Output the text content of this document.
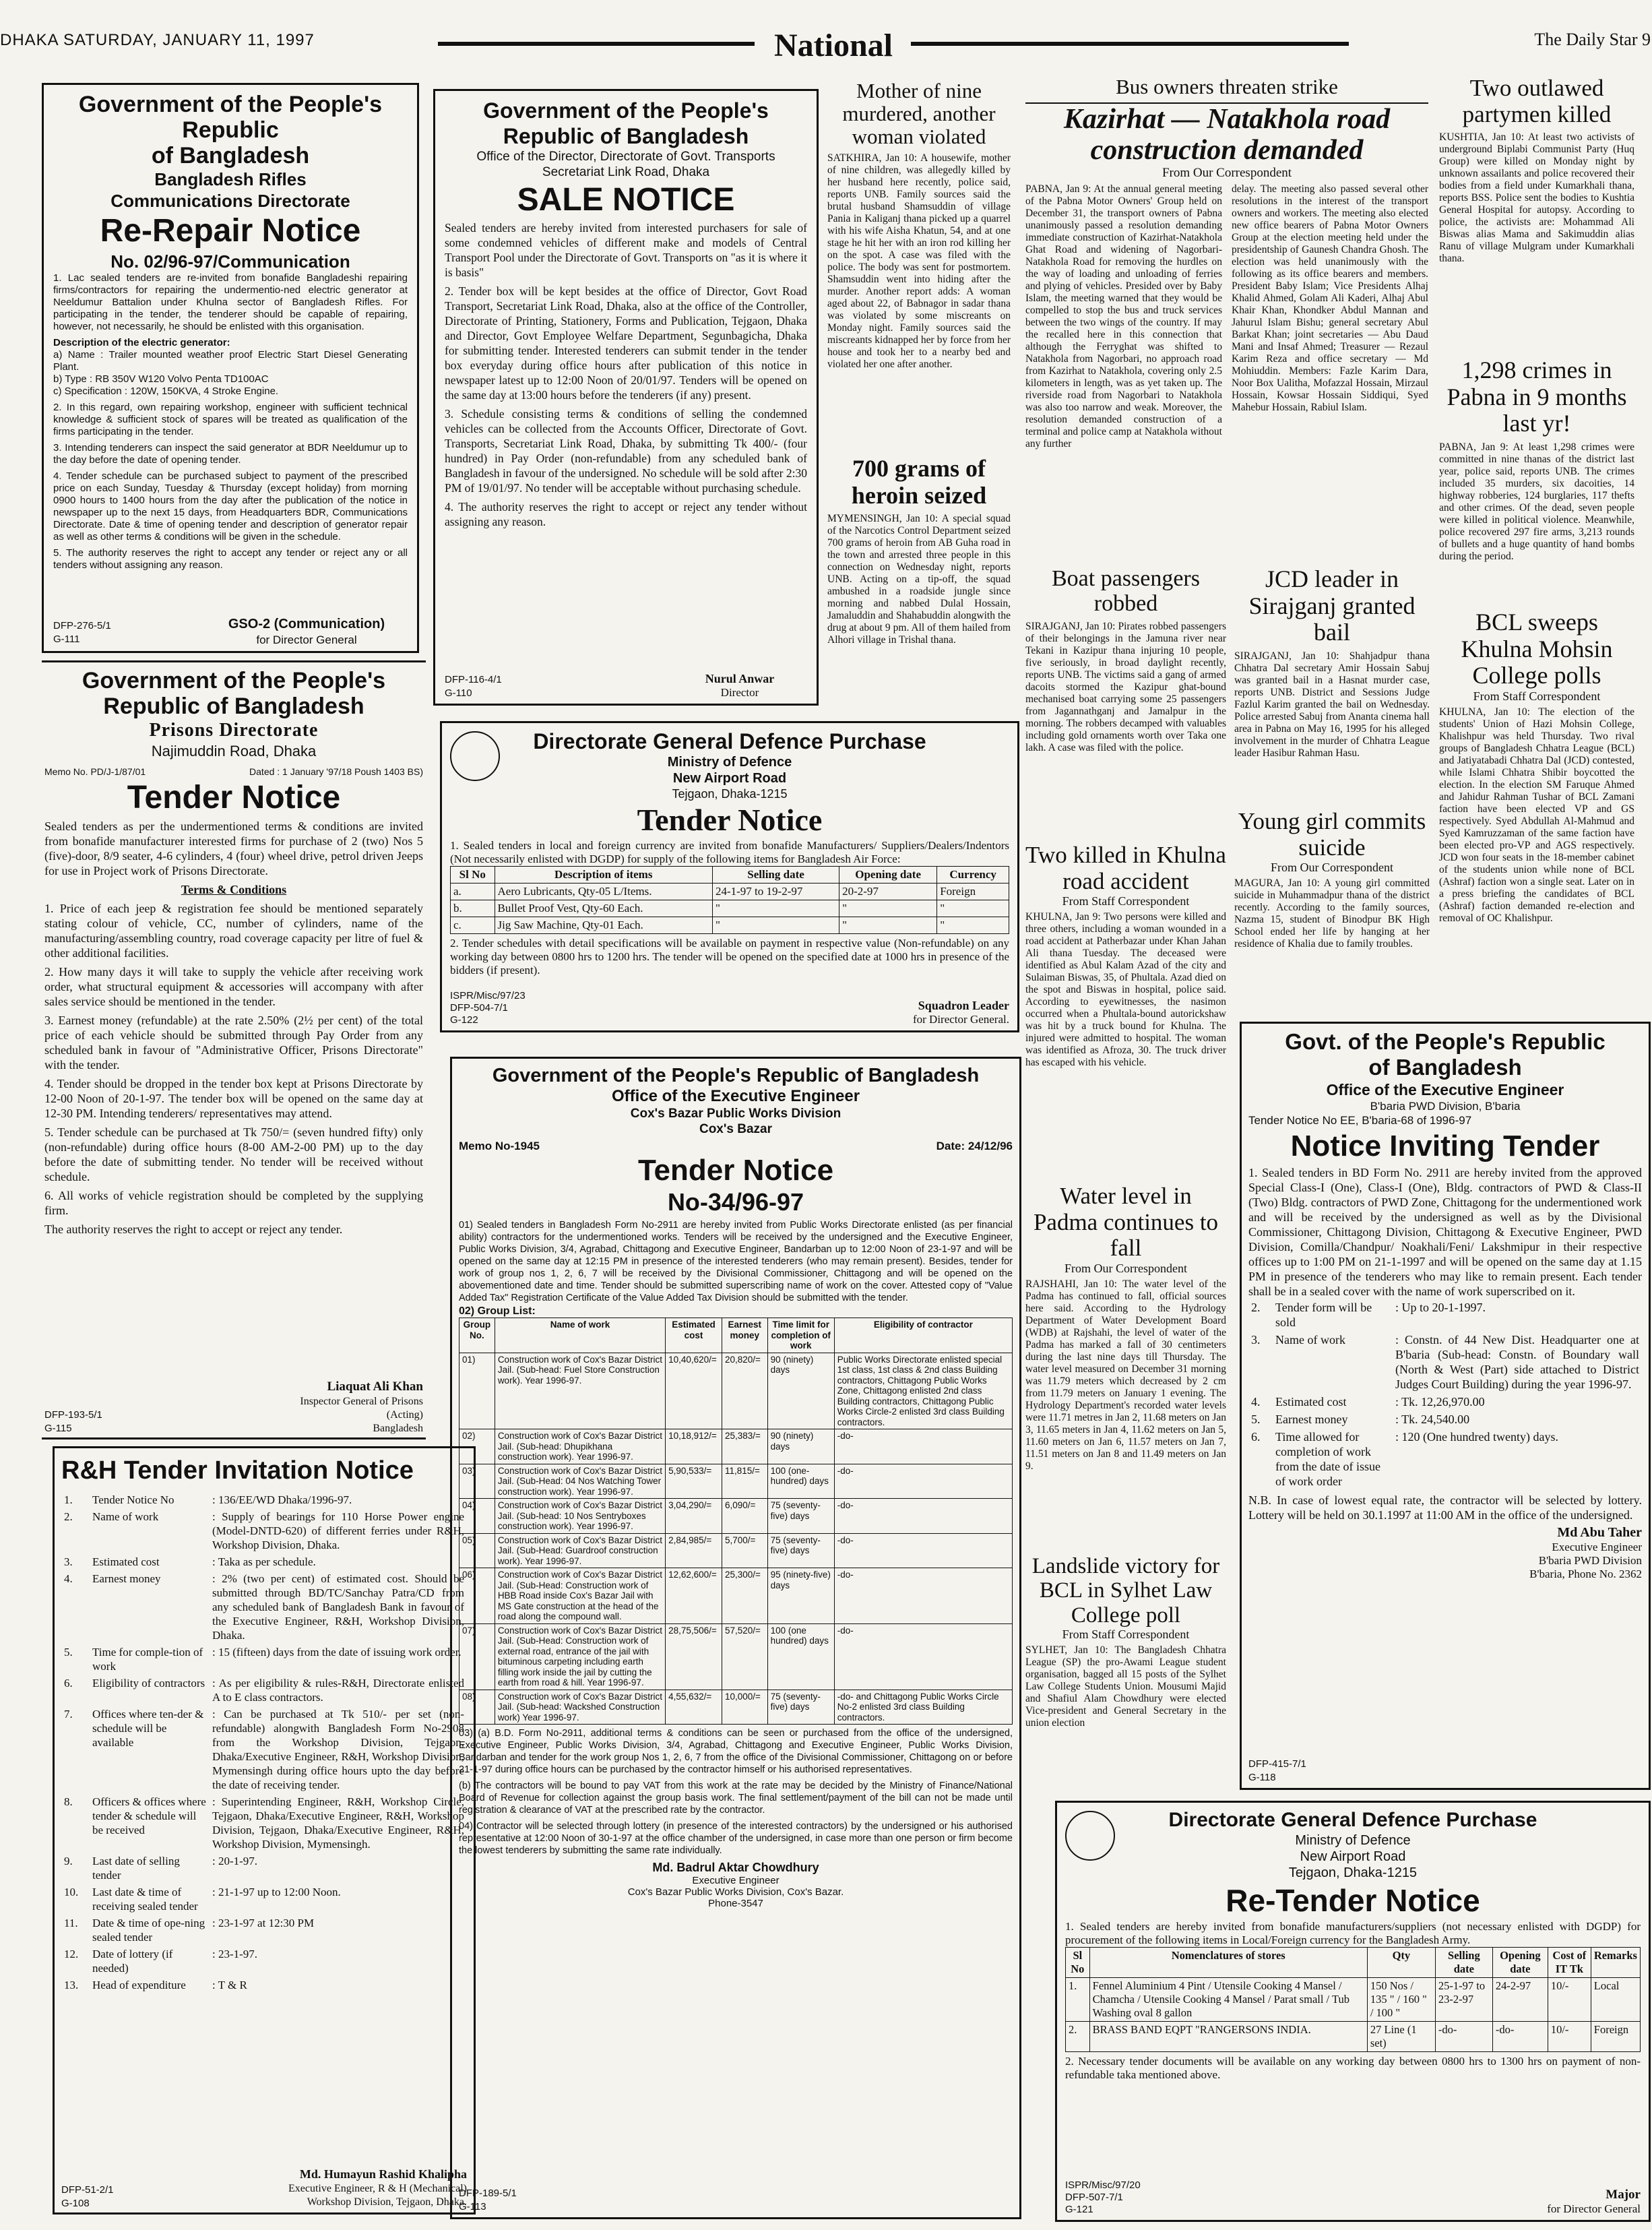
DHAKA SATURDAY, JANUARY 11, 1997	National	The Daily Star 9
Government of the People's Republic
of Bangladesh
Bangladesh Rifles
Communications Directorate
Re-Repair Notice
No. 02/96-97/Communication

1. Lac sealed tenders are re-invited from bonafide Bangladeshi repairing firms/contractors for repairing the undermentio-ned electric generator at Neeldumur Battalion under Khulna sector of Bangladesh Rifles. For participating in the tender, the tenderer should be capable of repairing, however, not necessarily, he should be enlisted with this organisation.

Description of the electric generator:

a) Name : Trailer mounted weather proof Electric Start Diesel Generating Plant.

b) Type : RB 350V W120 Volvo Penta TD100AC

c) Specification : 120W, 150KVA, 4 Stroke Engine.

2. In this regard, own repairing workshop, engineer with sufficient technical knowledge & sufficient stock of spares will be treated as qualification of the firms participating in the tender.

3. Intending tenderers can inspect the said generator at BDR Neeldumur up to the day before the date of opening tender.

4. Tender schedule can be purchased subject to payment of the prescribed price on each Sunday, Tuesday & Thursday (except holiday) from morning 0900 hours to 1400 hours from the day after the publication of the notice in newspaper up to the next 15 days, from Headquarters BDR, Communications Directorate. Date & time of opening tender and description of generator repair as well as other terms & conditions will be given in the schedule.

5. The authority reserves the right to accept any tender or reject any or all tenders without assigning any reason.

DFP-276-5/1
G-111
GSO-2 (Communication)
for Director General
Government of the People's
Republic of Bangladesh
Prisons Directorate
Najimuddin Road, Dhaka
Memo No. PD/J-1/87/01	Dated : 1 January '97/18 Poush 1403 BS)
Tender Notice

Sealed tenders as per the undermentioned terms & conditions are invited from bonafide manufacturer interested firms for purchase of 2 (two) Nos 5 (five)-door, 8/9 seater, 4-6 cylinders, 4 (four) wheel drive, petrol driven Jeeps for use in Project work of Prisons Directorate.

Terms & Conditions

1. Price of each jeep & registration fee should be mentioned separately stating colour of vehicle, CC, number of cylinders, name of the manufacturing/assembling country, road coverage capacity per litre of fuel & other additional facilities.

2. How many days it will take to supply the vehicle after receiving work order, what structural equipment & accessories will accompany with after sales service should be mentioned in the tender.

3. Earnest money (refundable) at the rate 2.50% (2½ per cent) of the total price of each vehicle should be submitted through Pay Order from any scheduled bank in favour of "Administrative Officer, Prisons Directorate" with the tender.

4. Tender should be dropped in the tender box kept at Prisons Directorate by 12-00 Noon of 20-1-97. The tender box will be opened on the same day at 12-30 PM. Intending tenderers/ representatives may attend.

5. Tender schedule can be purchased at Tk 750/= (seven hundred fifty) only (non-refundable) during office hours (8-00 AM-2-00 PM) up to the day before the date of submitting tender. No tender will be received without schedule.

6. All works of vehicle registration should be completed by the supplying firm.

The authority reserves the right to accept or reject any tender.

Liaquat Ali Khan
Inspector General of Prisons
(Acting)
Bangladesh
DFP-193-5/1
G-115
R&H Tender Invitation Notice
1.	Tender Notice No	: 136/EE/WD Dhaka/1996-97.
2.	Name of work	: Supply of bearings for 110 Horse Power engine (Model-DNTD-620) of different ferries under R&H, Workshop Division, Dhaka.
3.	Estimated cost	: Taka as per schedule.
4.	Earnest money	: 2% (two per cent) of estimated cost. Should be submitted through BD/TC/Sanchay Patra/CD from any scheduled bank of Bangladesh Bank in favour of the Executive Engineer, R&H, Workshop Division, Dhaka.
5.	Time for comple-tion of work	: 15 (fifteen) days from the date of issuing work order.
6.	Eligibility of contractors	: As per eligibility & rules-R&H, Directorate enlisted A to E class contractors.
7.	Offices where ten-der & schedule will be available	: Can be purchased at Tk 510/- per set (non-refundable) alongwith Bangladesh Form No-2908 from the Workshop Division, Tejgaon, Dhaka/Executive Engineer, R&H, Workshop Division, Mymensingh during office hours upto the day before the date of receiving tender.
8.	Officers & offices where tender & schedule will be received	: Superintending Engineer, R&H, Workshop Circle, Tejgaon, Dhaka/Executive Engineer, R&H, Workshop Division, Tejgaon, Dhaka/Executive Engineer, R&H, Workshop Division, Mymensingh.
9.	Last date of selling tender	: 20-1-97.
10.	Last date & time of receiving sealed tender	: 21-1-97 up to 12:00 Noon.
11.	Date & time of ope-ning sealed tender	: 23-1-97 at 12:30 PM
12.	Date of lottery (if needed)	: 23-1-97.
13.	Head of expenditure	: T & R
Md. Humayun Rashid Khalipha
Executive Engineer, R & H (Mechanical)
Workshop Division, Tejgaon, Dhaka.
DFP-51-2/1
G-108
Government of the People's
Republic of Bangladesh
Office of the Director, Directorate of Govt. Transports
Secretariat Link Road, Dhaka
SALE NOTICE

Sealed tenders are hereby invited from interested purchasers for sale of some condemned vehicles of different make and models of Central Transport Pool under the Directorate of Govt. Transports on "as it is where it is basis"

2. Tender box will be kept besides at the office of Director, Govt Road Transport, Secretariat Link Road, Dhaka, also at the office of the Controller, Directorate of Printing, Stationery, Forms and Publication, Tejgaon, Dhaka and Director, Govt Employee Welfare Department, Segunbagicha, Dhaka for submitting tender. Interested tenderers can submit tender in the tender box everyday during office hours after publication of this notice in newspaper latest up to 12:00 Noon of 20/01/97. Tenders will be opened on the same day at 13:00 hours before the tenderers (if any) present.

3. Schedule consisting terms & conditions of selling the condemned vehicles can be collected from the Accounts Officer, Directorate of Govt. Transports, Secretariat Link Road, Dhaka, by submitting Tk 400/- (four hundred) in Pay Order (non-refundable) from any scheduled bank of Bangladesh in favour of the undersigned. No schedule will be sold after 2:30 PM of 19/01/97. No tender will be acceptable without purchasing schedule.

4. The authority reserves the right to accept or reject any tender without assigning any reason.

DFP-116-4/1
G-110
Nurul Anwar
Director
Mother of nine murdered, another woman violated
SATKHIRA, Jan 10: A housewife, mother of nine children, was allegedly killed by her husband here recently, police said, reports UNB. Family sources said the brutal husband Shamsuddin of village Pania in Kaliganj thana picked up a quarrel with his wife Aisha Khatun, 54, and at one stage he hit her with an iron rod killing her on the spot. A case was filed with the police. The body was sent for postmortem. Shamsuddin went into hiding after the murder. Another report adds: A woman aged about 22, of Babnagor in sadar thana was violated by some miscreants on Monday night. Family sources said the miscreants kidnapped her by force from her house and took her to a nearby bed and violated her one after another.
700 grams of heroin seized
MYMENSINGH, Jan 10: A special squad of the Narcotics Control Department seized 700 grams of heroin from AB Guha road in the town and arrested three people in this connection on Wednesday night, reports UNB. Acting on a tip-off, the squad ambushed in a roadside jungle since morning and nabbed Dulal Hossain, Jamaluddin and Shahabuddin alongwith the drug at about 9 pm. All of them hailed from Alhori village in Trishal thana.
Bus owners threaten strike
Kazirhat — Natakhola road construction demanded
From Our Correspondent
PABNA, Jan 9: At the annual general meeting of the Pabna Motor Owners' Group held on December 31, the transport owners of Pabna unanimously passed a resolution demanding immediate construction of Kazirhat-Natakhola Ghat Road and widening of Nagorbari-Natakhola Road for removing the hurdles on the way of loading and unloading of ferries and plying of vehicles. Presided over by Baby Islam, the meeting warned that they would be compelled to stop the bus and truck services between the two wings of the country. If may the recalled here in this connection that although the Ferryghat was shifted to Natakhola from Nagorbari, no approach road from Kazirhat to Natakhola, covering only 2.5 kilometers in length, was as yet taken up. The riverside road from Nagorbari to Natakhola was also too narrow and weak. Moreover, the resolution demanded construction of a terminal and police camp at Natakhola without any further
delay. The meeting also passed several other resolutions in the interest of the transport owners and workers. The meeting also elected new office bearers of Pabna Motor Owners Group at the election meeting held under the presidentship of Gaunesh Chandra Ghosh. The election was held unanimously with the following as its office bearers and members. President Baby Islam; Vice Presidents Alhaj Khalid Ahmed, Golam Ali Kaderi, Alhaj Abul Khair Khan, Khondker Abdul Mannan and Jahurul Islam Bishu; general secretary Abul Barkat Khan; joint secretaries — Abu Daud Mani and Insaf Ahmed; Treasurer — Rezaul Karim Reza and office secretary — Md Mohiuddin. Members: Fazle Karim Dara, Noor Box Ualitha, Mofazzal Hossain, Mirzaul Hossain, Kowsar Hossain Siddiqui, Syed Mahebur Hossain, Rabiul Islam.
Two outlawed partymen killed
KUSHTIA, Jan 10: At least two activists of underground Biplabi Communist Party (Huq Group) were killed on Monday night by unknown assailants and police recovered their bodies from a field under Kumarkhali thana, reports BSS. Police sent the bodies to Kushtia General Hospital for autopsy. According to police, the activists are: Mohammad Ali Biswas alias Mama and Sakimuddin alias Ranu of village Mulgram under Kumarkhali thana.
1,298 crimes in Pabna in 9 months last yr!
PABNA, Jan 9: At least 1,298 crimes were committed in nine thanas of the district last year, police said, reports UNB. The crimes included 35 murders, six dacoities, 14 highway robberies, 124 burglaries, 117 thefts and other crimes. Of the dead, seven people were killed in political violence. Meanwhile, police recovered 297 fire arms, 3,213 rounds of bullets and a huge quantity of hand bombs during the period.
BCL sweeps Khulna Mohsin College polls
From Staff Correspondent
KHULNA, Jan 10: The election of the students' Union of Hazi Mohsin College, Khalishpur was held Thursday. Two rival groups of Bangladesh Chhatra League (BCL) and Jatiyatabadi Chhatra Dal (JCD) contested, while Islami Chhatra Shibir boycotted the election. In the election SM Faruque Ahmed and Jahidur Rahman Tushar of BCL Zamani faction have been elected VP and GS respectively. Syed Abdullah Al-Mahmud and Syed Kamruzzaman of the same faction have been elected pro-VP and AGS respectively. JCD won four seats in the 18-member cabinet of the students union while none of BCL (Ashraf) faction won a single seat. Later on in a press briefing the candidates of BCL (Ashraf) faction demanded re-election and removal of OC Khalishpur.
Boat passengers robbed
SIRAJGANJ, Jan 10: Pirates robbed passengers of their belongings in the Jamuna river near Tekani in Kazipur thana injuring 10 people, five seriously, in broad daylight recently, reports UNB. The victims said a gang of armed dacoits stormed the Kazipur ghat-bound mechanised boat carrying some 25 passengers from Jagannathganj and Jamalpur in the morning. The robbers decamped with valuables including gold ornaments worth over Taka one lakh. A case was filed with the police.
JCD leader in Sirajganj granted bail
SIRAJGANJ, Jan 10: Shahjadpur thana Chhatra Dal secretary Amir Hossain Sabuj was granted bail in a Hasnat murder case, reports UNB. District and Sessions Judge Fazlul Karim granted the bail on Wednesday. Police arrested Sabuj from Ananta cinema hall area in Pabna on May 16, 1995 for his alleged involvement in the murder of Chhatra League leader Hasibur Rahman Hasu.
Two killed in Khulna road accident
From Staff Correspondent
KHULNA, Jan 9: Two persons were killed and three others, including a woman wounded in a road accident at Patherbazar under Khan Jahan Ali thana Tuesday. The deceased were identified as Abul Kalam Azad of the city and Sulaiman Biswas, 35, of Phultala. Azad died on the spot and Biswas in hospital, police said. According to eyewitnesses, the nasimon occurred when a Phultala-bound autorickshaw was hit by a truck bound for Khulna. The injured were admitted to hospital. The woman was identified as Afroza, 30. The truck driver has escaped with his vehicle.
Young girl commits suicide
From Our Correspondent
MAGURA, Jan 10: A young girl committed suicide in Muhammadpur thana of the district recently. According to the family sources, Nazma 15, student of Binodpur BK High School ended her life by hanging at her residence of Khalia due to family troubles.
Water level in Padma continues to fall
From Our Correspondent
RAJSHAHI, Jan 10: The water level of the Padma has continued to fall, official sources here said. According to the Hydrology Department of Water Development Board (WDB) at Rajshahi, the level of water of the Padma has marked a fall of 30 centimeters during the last nine days till Thursday. The water level measured on December 31 morning was 11.79 meters which decreased by 2 cm from 11.79 meters on January 1 evening. The Hydrology Department's recorded water levels were 11.71 metres in Jan 2, 11.68 meters on Jan 3, 11.65 meters in Jan 4, 11.62 meters on Jan 5, 11.60 meters on Jan 6, 11.57 meters on Jan 7, 11.51 meters on Jan 8 and 11.49 meters on Jan 9.
Landslide victory for BCL in Sylhet Law College poll
From Staff Correspondent
SYLHET, Jan 10: The Bangladesh Chhatra League (SP) the pro-Awami League student organisation, bagged all 15 posts of the Sylhet Law College Students Union. Mousumi Majid and Shafiul Alam Chowdhury were elected Vice-president and General Secretary in the union election
Directorate General Defence Purchase
Ministry of Defence
New Airport Road
Tejgaon, Dhaka-1215
Tender Notice
1. Sealed tenders in local and foreign currency are invited from bonafide Manufacturers/ Suppliers/Dealers/Indentors (Not necessarily enlisted with DGDP) for supply of the following items for Bangladesh Air Force:
Sl No	Description of items	Selling date	Opening date	Currency
a.	Aero Lubricants, Qty-05 L/Items.	24-1-97 to 19-2-97	20-2-97	Foreign
b.	Bullet Proof Vest, Qty-60 Each.	"	"	"
c.	Jig Saw Machine, Qty-01 Each.	"	"	"
2. Tender schedules with detail specifications will be available on payment in respective value (Non-refundable) on any working day between 0800 hrs to 1200 hrs. The tender will be opened on the specified date at 1000 hrs in presence of the bidders (if present).
ISPR/Misc/97/23
DFP-504-7/1
G-122
Squadron Leader
for Director General.
Government of the People's Republic of Bangladesh
Office of the Executive Engineer
Cox's Bazar Public Works Division
Cox's Bazar
Memo No-1945	Date: 24/12/96
Tender Notice
No-34/96-97
01) Sealed tenders in Bangladesh Form No-2911 are hereby invited from Public Works Directorate enlisted (as per financial ability) contractors for the undermentioned works. Tenders will be received by the undersigned and the Executive Engineer, Public Works Division, 3/4, Agrabad, Chittagong and Executive Engineer, Bandarban up to 12:00 Noon of 23-1-97 and will be opened on the same day at 12:15 PM in presence of the interested tenderers (who may remain present). Besides, tender for work of group nos 1, 2, 6, 7 will be received by the Divisional Commissioner, Chittagong and will be opened on the abovementioned date and time. Tender should be submitted superscribing name of work on the cover. Attested copy of "Value Added Tax" Registration Certificate of the Value Added Tax Division should be submitted with the tender.
02) Group List:
Group No.	Name of work	Estimated cost	Earnest money	Time limit for completion of work	Eligibility of contractor
01)	Construction work of Cox's Bazar District Jail. (Sub-head: Fuel Store Construction work). Year 1996-97.	10,40,620/=	20,820/=	90 (ninety) days	Public Works Directorate enlisted special 1st class, 1st class & 2nd class Building contractors, Chittagong Public Works Zone, Chittagong enlisted 2nd class Building contractors, Chittagong Public Works Circle-2 enlisted 3rd class Building contractors.
02)	Construction work of Cox's Bazar District Jail. (Sub-head: Dhupikhana construction work). Year 1996-97.	10,18,912/=	25,383/=	90 (ninety) days	-do-
03)	Construction work of Cox's Bazar District Jail. (Sub-Head: 04 Nos Watching Tower construction work). Year 1996-97.	5,90,533/=	11,815/=	100 (one-hundred) days	-do-
04)	Construction work of Cox's Bazar District Jail. (Sub-head: 10 Nos Sentryboxes construction work). Year 1996-97.	3,04,290/=	6,090/=	75 (seventy-five) days	-do-
05)	Construction work of Cox's Bazar District Jail. (Sub-Head: Guardroof construction work). Year 1996-97.	2,84,985/=	5,700/=	75 (seventy-five) days	-do-
06)	Construction work of Cox's Bazar District Jail. (Sub-Head: Construction work of HBB Road inside Cox's Bazar Jail with MS Gate construction at the head of the road along the compound wall.	12,62,600/=	25,300/=	95 (ninety-five) days	-do-
07)	Construction work of Cox's Bazar District Jail. (Sub-Head: Construction work of external road, entrance of the jail with bituminous carpeting including earth filling work inside the jail by cutting the earth from road & hill. Year 1996-97.	28,75,506/=	57,520/=	100 (one hundred) days	-do-
08)	Construction work of Cox's Bazar District Jail. (Sub-head: Wackshed Construction work) Year 1996-97.	4,55,632/=	10,000/=	75 (seventy-five) days	-do- and Chittagong Public Works Circle No-2 enlisted 3rd class Building contractors.

03) (a) B.D. Form No-2911, additional terms & conditions can be seen or purchased from the office of the undersigned, Executive Engineer, Public Works Division, 3/4, Agrabad, Chittagong and Executive Engineer, Public Works Division, Bandarban and tender for the work group Nos 1, 2, 6, 7 from the office of the Divisional Commissioner, Chittagong on or before 21-1-97 during office hours can be purchased by the contractor himself or his authorised representatives.

(b) The contractors will be bound to pay VAT from this work at the rate may be decided by the Ministry of Finance/National Board of Revenue for collection against the group basis work. The final settlement/payment of the bill can not be made until registration & clearance of VAT at the prescribed rate by the contractor.

04) Contractor will be selected through lottery (in presence of the interested contractors) by the undersigned or his authorised representative at 12:00 Noon of 30-1-97 at the office chamber of the undersigned, in case more than one person or firm become the lowest tenderers by submitting the same rate individually.

Md. Badrul Aktar Chowdhury
Executive Engineer
Cox's Bazar Public Works Division, Cox's Bazar.
Phone-3547
DFP-189-5/1
G-113
Govt. of the People's Republic
of Bangladesh
Office of the Executive Engineer
B'baria PWD Division, B'baria
Tender Notice No EE, B'baria-68 of 1996-97
Notice Inviting Tender
1. Sealed tenders in BD Form No. 2911 are hereby invited from the approved Special Class-I (One), Class-I (One), Bldg. contractors of PWD & Class-II (Two) Bldg. contractors of PWD Zone, Chittagong for the undermentioned work and will be received by the undersigned as well as by the Divisional Commissioner, Chittagong Division, Chittagong & Executive Engineer, PWD Division, Comilla/Chandpur/ Noakhali/Feni/ Lakshmipur in their respective offices up to 1:00 PM on 21-1-1997 and will be opened on the same day at 1.15 PM in presence of the tenderers who may like to remain present. Each tender shall be in a sealed cover with the name of work superscribed on it.
2.	Tender form will be sold	: Up to 20-1-1997.
3.	Name of work	: Constn. of 44 New Dist. Headquarter one at B'baria (Sub-head: Constn. of Boundary wall (North & West (Part) side attached to District Judges Court Building) during the year 1996-97.
4.	Estimated cost	: Tk. 12,26,970.00
5.	Earnest money	: Tk. 24,540.00
6.	Time allowed for completion of work from the date of issue of work order	: 120 (One hundred twenty) days.
N.B. In case of lowest equal rate, the contractor will be selected by lottery. Lottery will be held on 30.1.1997 at 11:00 AM in the office of the undersigned.
Md Abu Taher
Executive Engineer
B'baria PWD Division
B'baria, Phone No. 2362
DFP-415-7/1
G-118
Directorate General Defence Purchase
Ministry of Defence
New Airport Road
Tejgaon, Dhaka-1215
Re-Tender Notice
1. Sealed tenders are hereby invited from bonafide manufacturers/suppliers (not necessary enlisted with DGDP) for procurement of the following items in Local/Foreign currency for the Bangladesh Army.
Sl No	Nomenclatures of stores	Qty	Selling date	Opening date	Cost of IT Tk	Remarks
1.	Fennel Aluminium 4 Pint / Utensile Cooking 4 Mansel / Chamcha / Utensile Cooking 4 Mansel / Parat small / Tub Washing oval 8 gallon	150 Nos / 135 " / 160 " / 100 "	25-1-97 to 23-2-97	24-2-97	10/-	Local
2.	BRASS BAND EQPT "RANGERSONS INDIA.	27 Line (1 set)	-do-	-do-	10/-	Foreign
2. Necessary tender documents will be available on any working day between 0800 hrs to 1300 hrs on payment of non-refundable taka mentioned above.
ISPR/Misc/97/20
DFP-507-7/1
G-121
Major
for Director General
